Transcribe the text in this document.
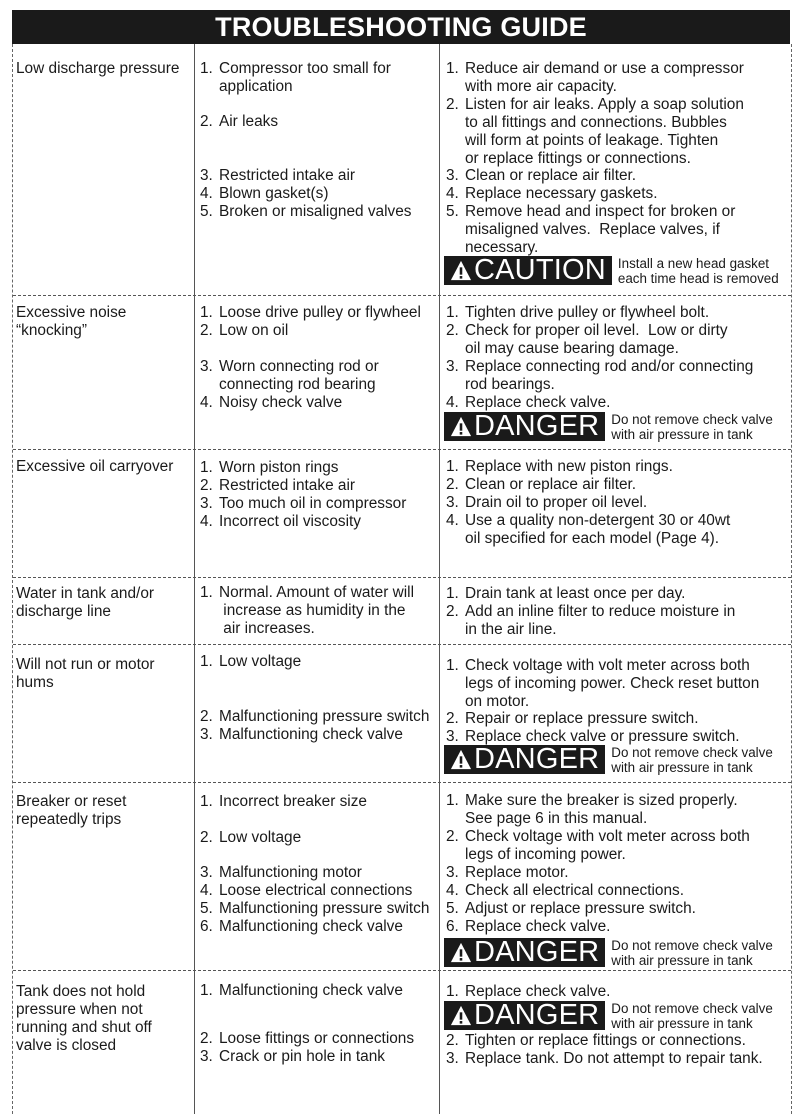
TROUBLESHOOTING GUIDE
Low discharge pressure 1. Compressor too small for
application
2. Air leaks
3. Restricted intake air
4. Blown gasket(s)
5. Broken or misaligned valves
1. Reduce air demand or use a compressor
with more air capacity.
2. Listen for air leaks. Apply a soap solution
to all fittings and connections. Bubbles
will form at points of leakage. Tighten
or replace fittings or connections.
3. Clean or replace air filter.
4. Replace necessary gaskets.
5. Remove head and inspect for broken or
misaligned valves.  Replace valves, if
necessary.
CAUTION Install a new head gasket
each time head is removed
Excessive noise
“knocking”
1. Loose drive pulley or flywheel
2. Low on oil
3. Worn connecting rod or
connecting rod bearing
4. Noisy check valve
1. Tighten drive pulley or flywheel bolt.
2. Check for proper oil level.  Low or dirty
oil may cause bearing damage.
3. Replace connecting rod and/or connecting
rod bearings.
4. Replace check valve.
DANGER Do not remove check valve
with air pressure in tank
Excessive oil carryover 1. Worn piston rings
2. Restricted intake air
3. Too much oil in compressor
4. Incorrect oil viscosity
1. Replace with new piston rings.
2. Clean or replace air filter.
3. Drain oil to proper oil level.
4. Use a quality non-detergent 30 or 40wt
oil specified for each model (Page 4).
Water in tank and/or
discharge line
1. Normal. Amount of water will
increase as humidity in the
air increases.
1. Drain tank at least once per day.
2. Add an inline filter to reduce moisture in
in the air line.
Will not run or motor
hums
1. Low voltage
2. Malfunctioning pressure switch
3. Malfunctioning check valve
1. Check voltage with volt meter across both
legs of incoming power. Check reset button
on motor.
2. Repair or replace pressure switch.
3. Replace check valve or pressure switch.
DANGER Do not remove check valve
with air pressure in tank
Breaker or reset
repeatedly trips
1. Incorrect breaker size
2. Low voltage
3. Malfunctioning motor
4. Loose electrical connections
5. Malfunctioning pressure switch
6. Malfunctioning check valve
1. Make sure the breaker is sized properly.
See page 6 in this manual.
2. Check voltage with volt meter across both
legs of incoming power.
3. Replace motor.
4. Check all electrical connections.
5. Adjust or replace pressure switch.
6. Replace check valve.
DANGER Do not remove check valve
with air pressure in tank
Tank does not hold
pressure when not
running and shut off
valve is closed
1. Malfunctioning check valve
2. Loose fittings or connections
3. Crack or pin hole in tank
1. Replace check valve.
DANGER Do not remove check valve
with air pressure in tank
2. Tighten or replace fittings or connections.
3. Replace tank. Do not attempt to repair tank.
